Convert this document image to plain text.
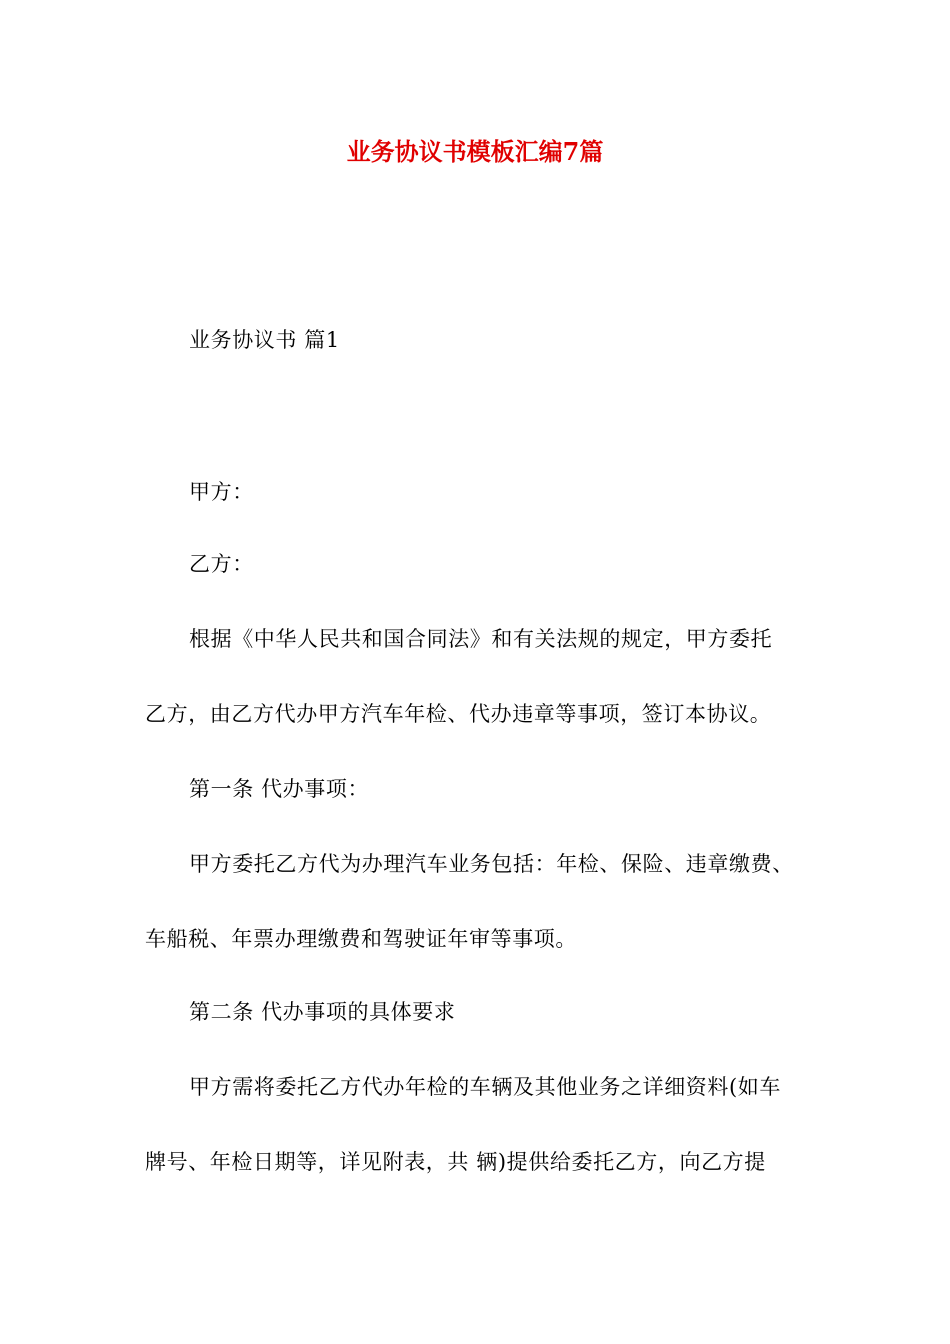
业务协议书模板汇编7篇
业务协议书 篇1
甲方：
乙方：
根据《中华人民共和国合同法》和有关法规的规定，甲方委托
乙方，由乙方代办甲方汽车年检、代办违章等事项，签订本协议。
第一条 代办事项：
甲方委托乙方代为办理汽车业务包括：年检、保险、违章缴费、
车船税、年票办理缴费和驾驶证年审等事项。
第二条 代办事项的具体要求
甲方需将委托乙方代办年检的车辆及其他业务之详细资料(如车
牌号、年检日期等，详见附表，共 辆)提供给委托乙方，向乙方提
